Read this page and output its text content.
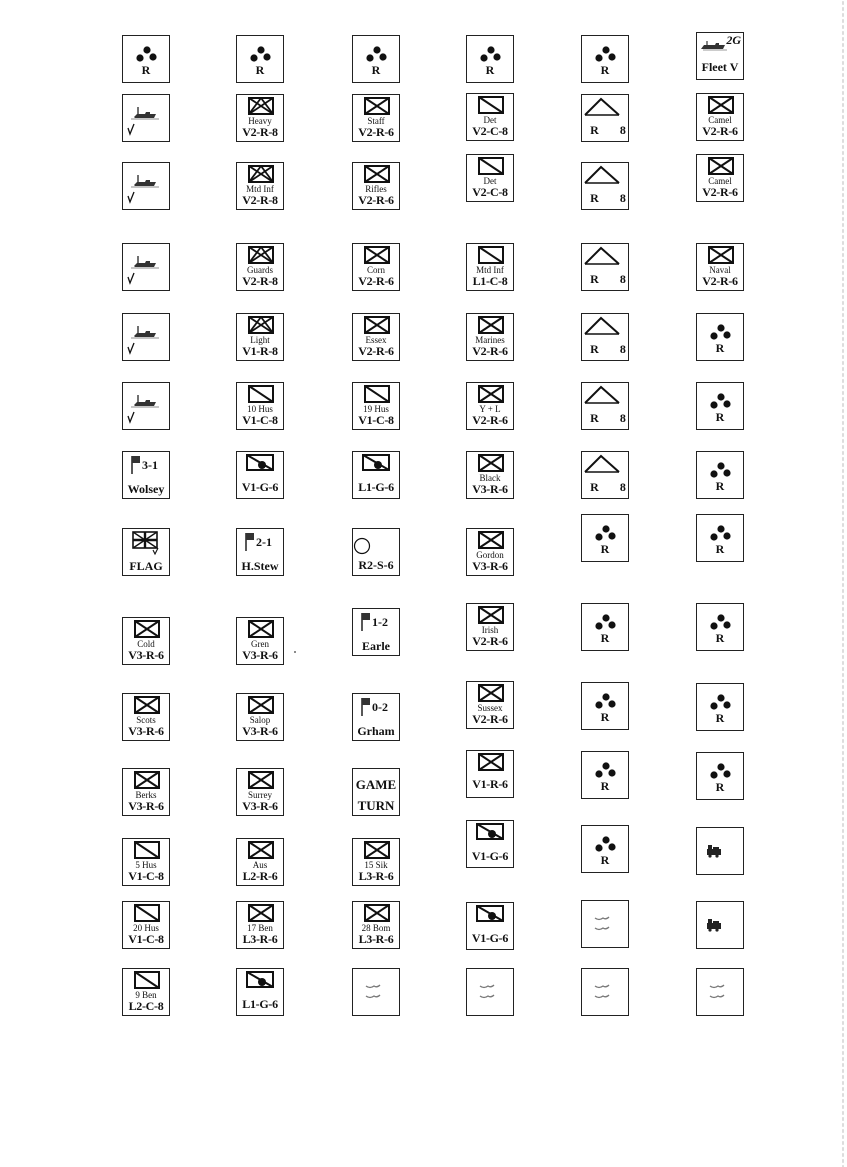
R	R	R	R	R
2G
Fleet V
Heavy
V2-R-8
Staff
V2-R-6
Det
V2-C-8	R 8
Camel
V2-R-6
Mtd Inf
V2-R-8
Rifles
V2-R-6
Det
V2-C-8	R 8
Camel
V2-R-6
Guards
V2-R-8
Corn
V2-R-6
Mtd Inf
L1-C-8	R 8
Naval
V2-R-6
Light
V1-R-8
Essex
V2-R-6
Marines
V2-R-6	R 8	R
10 Hus
V1-C-8
19 Hus
V1-C-8
Y + L
V2-R-6	R 8	R
3-1
Wolsey	V1-G-6	L1-G-6
Black
V3-R-6	R 8	R
FLAG
2-1
H.Stew	R2-S-6
Gordon
V3-R-6
R	R
Cold
V3-R-6
Gren
V3-R-6
1-2
Earle
Irish
V2-R-6	R	R
Scots
V3-R-6
Salop
V3-R-6
0-2
Grham
Sussex
V2-R-6	R	R
Berks
V3-R-6
Surrey
V3-R-6
GAME
TURN
V1-R-6	R	R
5 Hus
V1-C-8
Aus
L2-R-6
15 Sik
L3-R-6
V1-G-6	R
20 Hus
V1-C-8
17 Ben
L3-R-6
28 Bom
L3-R-6	V1-G-6
9 Ben
L2-C-8	L1-G-6
